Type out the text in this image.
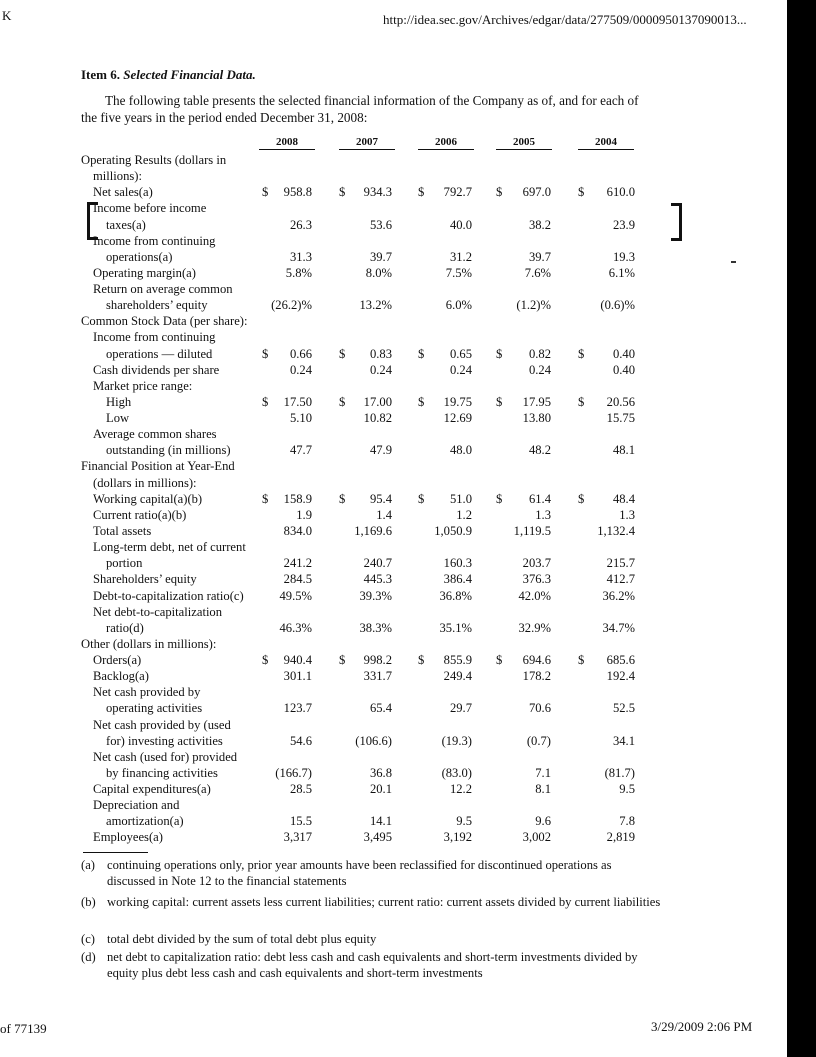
K	http://idea.sec.gov/Archives/edgar/data/277509/0000950137090013...
Item 6. Selected Financial Data.

The following table presents the selected financial information of the Company as of, and for each of the five years in the period ended December 31, 2008:

2008	2007	2006	2005	2004
Operating Results (dollars in
millions):
Net sales(a)	$	958.8 $	934.3 $	792.7 $	697.0 $	610.0
Income before income
taxes(a)	26.3	53.6	40.0	38.2	23.9
Income from continuing
operations(a)	31.3	39.7	31.2	39.7	19.3
Operating margin(a)	5.8%	8.0%	7.5%	7.6%	6.1%
Return on average common
shareholders’ equity	(26.2)%	13.2%	6.0%	(1.2)%	(0.6)%
Common Stock Data (per share):
Income from continuing
operations — diluted	$	0.66 $	0.83 $	0.65 $	0.82 $	0.40
Cash dividends per share	0.24	0.24	0.24	0.24	0.40
Market price range:
High	$	17.50 $	17.00 $	19.75 $	17.95 $	20.56
Low	5.10	10.82	12.69	13.80	15.75
Average common shares
outstanding (in millions)	47.7	47.9	48.0	48.2	48.1
Financial Position at Year-End
(dollars in millions):
Working capital(a)(b)	$	158.9 $	95.4 $	51.0 $	61.4 $	48.4
Current ratio(a)(b)	1.9	1.4	1.2	1.3	1.3
Total assets	834.0	1,169.6	1,050.9	1,119.5	1,132.4
Long-term debt, net of current
portion	241.2	240.7	160.3	203.7	215.7
Shareholders’ equity	284.5	445.3	386.4	376.3	412.7
Debt-to-capitalization ratio(c)	49.5%	39.3%	36.8%	42.0%	36.2%
Net debt-to-capitalization
ratio(d)	46.3%	38.3%	35.1%	32.9%	34.7%
Other (dollars in millions):
Orders(a)	$	940.4 $	998.2 $	855.9 $	694.6 $	685.6
Backlog(a)	301.1	331.7	249.4	178.2	192.4
Net cash provided by
operating activities	123.7	65.4	29.7	70.6	52.5
Net cash provided by (used
for) investing activities	54.6	(106.6)	(19.3)	(0.7)	34.1
Net cash (used for) provided
by financing activities	(166.7)	36.8	(83.0)	7.1	(81.7)
Capital expenditures(a)	28.5	20.1	12.2	8.1	9.5
Depreciation and
amortization(a)	15.5	14.1	9.5	9.6	7.8
Employees(a)	3,317	3,495	3,192	3,002	2,819
(a) continuing operations only, prior year amounts have been reclassified for discontinued operations as discussed in Note 12 to the financial statements
(b) working capital: current assets less current liabilities; current ratio: current assets divided by current liabilities
(c) total debt divided by the sum of total debt plus equity
(d) net debt to capitalization ratio: debt less cash and cash equivalents and short-term investments divided by equity plus debt less cash and cash equivalents and short-term investments
of 77139	3/29/2009 2:06 PM
